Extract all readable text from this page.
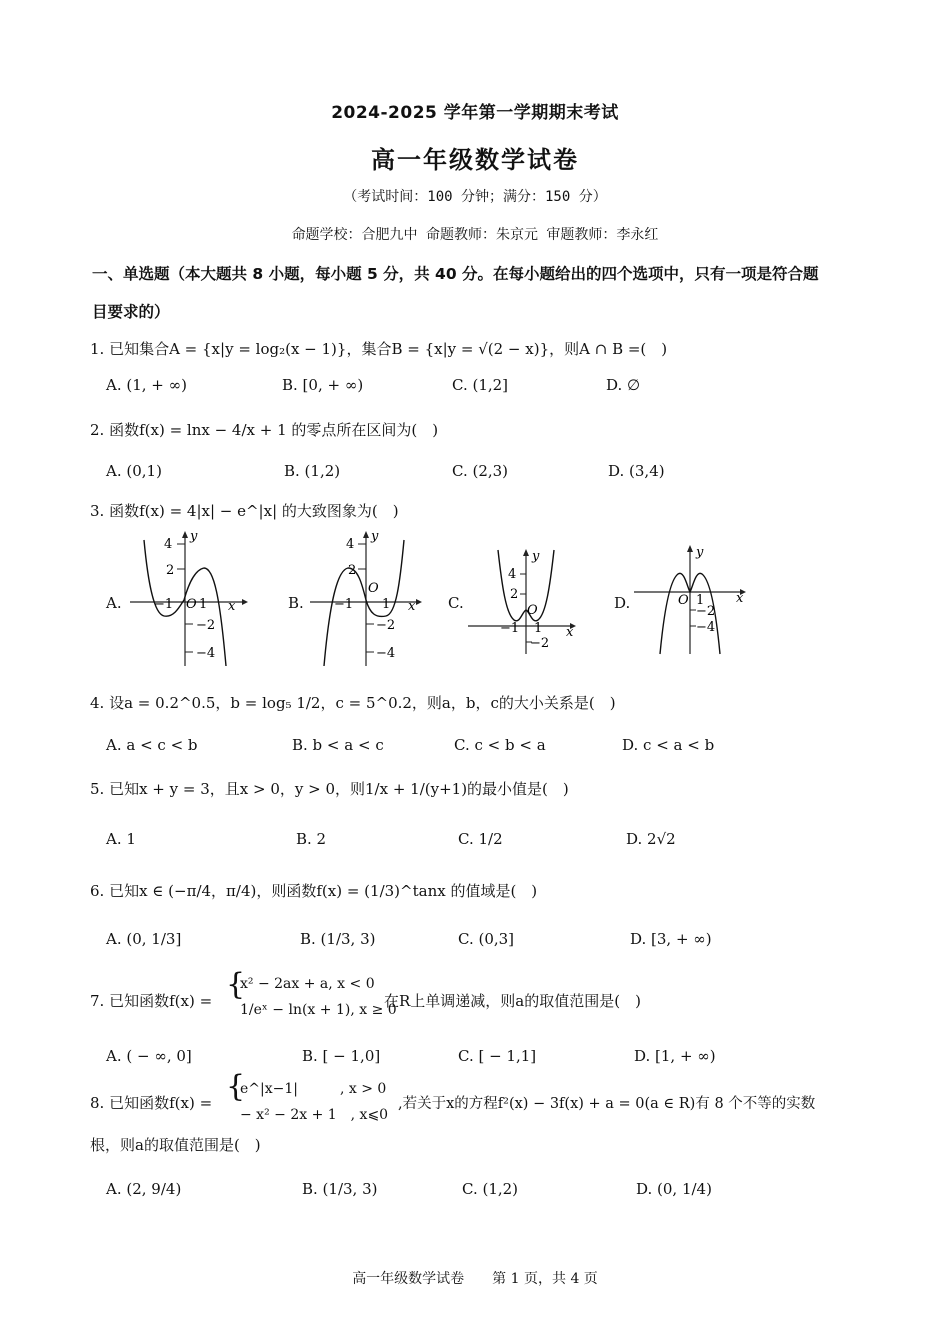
2024-2025 学年第一学期期末考试
高一年级数学试卷
（考试时间：100 分钟；满分：150 分）
命题学校：合肥九中 命题教师：朱京元 审题教师：李永红
一、单选题（本大题共 8 小题，每小题 5 分，共 40 分。在每小题给出的四个选项中，只有一项是符合题
目要求的）
1. 已知集合A = {x|y = log₂(x − 1)}，集合B = {x|y = √(2 − x)}，则A ∩ B =(　)
A. (1, + ∞)	B. [0, + ∞)	C. (1,2]	D. ∅
2. 函数f(x) = lnx − 4/x + 1 的零点所在区间为(　)
A. (0,1)	B. (1,2)	C. (2,3)	D. (3,4)
3. 函数f(x) = 4|x| − e^|x| 的大致图象为(　)
A.
4
2
−1 O 1
−2
−4
x
y
B.
4
2
O
−1 1
−2
−4
x
y
C.
4
2
O
−1 1
−2
x
y
D.	O 1
−2
−4
x
y
4. 设a = 0.2^0.5，b = log₅ 1/2，c = 5^0.2，则a，b，c的大小关系是(　)
A. a < c < b	B. b < a < c	C. c < b < a	D. c < a < b
5. 已知x + y = 3，且x > 0，y > 0，则1/x + 1/(y+1)的最小值是(　)
A. 1	B. 2	C. 1/2	D. 2√2
6. 已知x ∈ (−π/4，π/4)，则函数f(x) = (1/3)^tanx 的值域是(　)
A. (0, 1/3]	B. (1/3, 3)	C. (0,3]	D. [3, + ∞)
7. 已知函数f(x) = {
x² − 2ax + a, x < 0
1/eˣ − ln(x + 1), x ≥ 0
在R上单调递减，则a的取值范围是(　)
A. ( − ∞, 0]	B. [ − 1,0]	C. [ − 1,1]	D. [1, + ∞)
8. 已知函数f(x) = {
e^|x−1|　　　, x > 0
− x² − 2x + 1　, x⩽0
,若关于x的方程f²(x) − 3f(x) + a = 0(a ∈ R)有 8 个不等的实数
根，则a的取值范围是(　)
A. (2, 9/4)	B. (1/3, 3)	C. (1,2)	D. (0, 1/4)
高一年级数学试卷　　第 1 页，共 4 页
